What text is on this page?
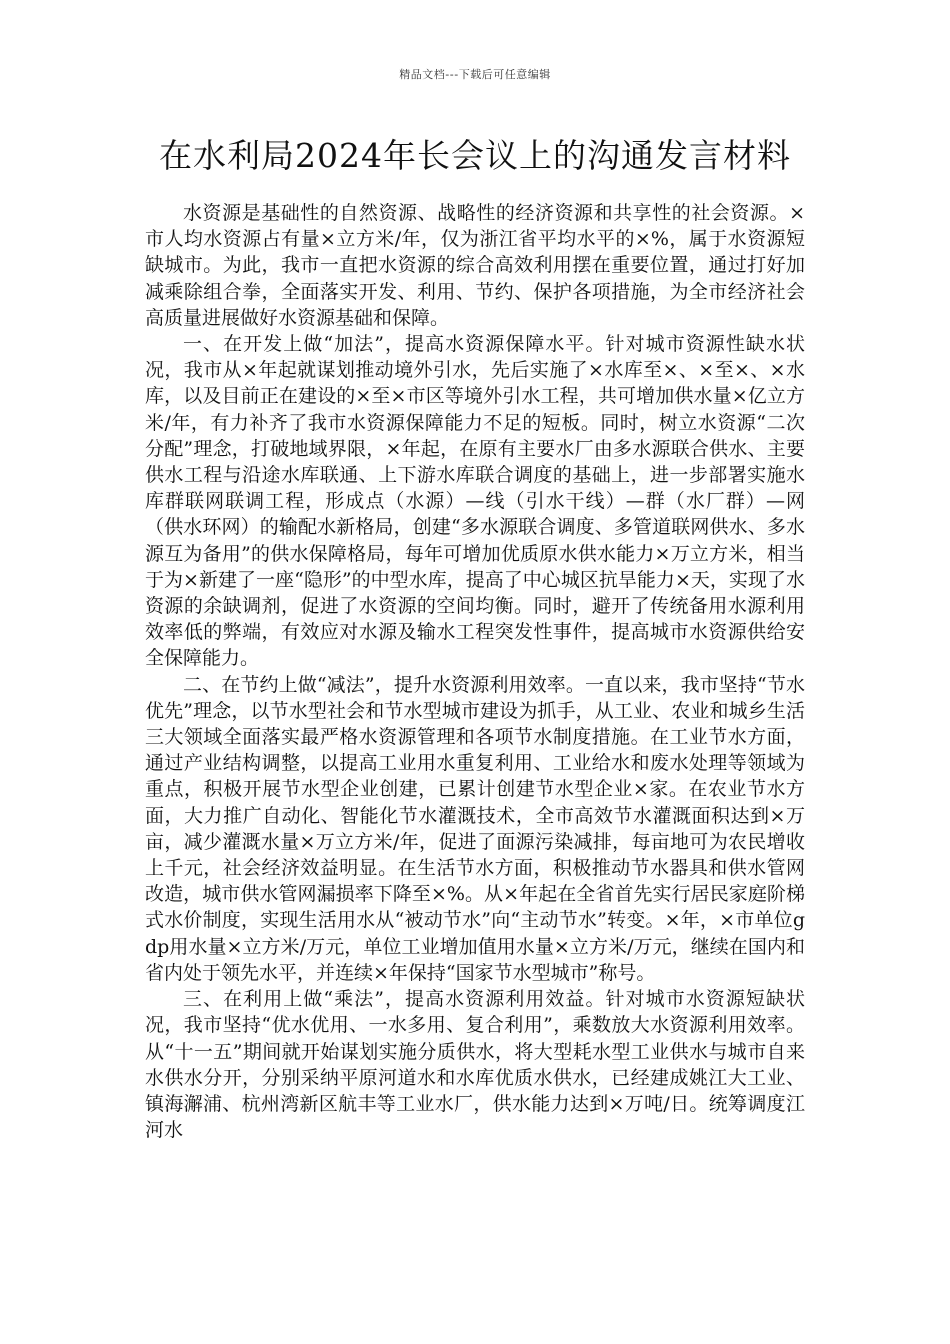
精品文档---下载后可任意编辑
在水利局2024年长会议上的沟通发言材料

水资源是基础性的自然资源、战略性的经济资源和共享性的社会资源。×市人均水资源占有量×立方米/年，仅为浙江省平均水平的×%，属于水资源短缺城市。为此，我市一直把水资源的综合高效利用摆在重要位置，通过打好加减乘除组合拳，全面落实开发、利用、节约、保护各项措施，为全市经济社会高质量进展做好水资源基础和保障。

一、在开发上做“加法”，提高水资源保障水平。针对城市资源性缺水状况，我市从×年起就谋划推动境外引水，先后实施了×水库至×、×至×、×水库，以及目前正在建设的×至×市区等境外引水工程，共可增加供水量×亿立方米/年，有力补齐了我市水资源保障能力不足的短板。同时，树立水资源“二次分配”理念，打破地域界限，×年起，在原有主要水厂由多水源联合供水、主要供水工程与沿途水库联通、上下游水库联合调度的基础上，进一步部署实施水库群联网联调工程，形成点（水源）—线（引水干线）—群（水厂群）—网（供水环网）的输配水新格局，创建“多水源联合调度、多管道联网供水、多水源互为备用”的供水保障格局，每年可增加优质原水供水能力×万立方米，相当于为×新建了一座“隐形”的中型水库，提高了中心城区抗旱能力×天，实现了水资源的余缺调剂，促进了水资源的空间均衡。同时，避开了传统备用水源利用效率低的弊端，有效应对水源及输水工程突发性事件，提高城市水资源供给安全保障能力。

二、在节约上做“减法”，提升水资源利用效率。一直以来，我市坚持“节水优先”理念，以节水型社会和节水型城市建设为抓手，从工业、农业和城乡生活三大领域全面落实最严格水资源管理和各项节水制度措施。在工业节水方面，通过产业结构调整，以提高工业用水重复利用、工业给水和废水处理等领域为重点，积极开展节水型企业创建，已累计创建节水型企业×家。在农业节水方面，大力推广自动化、智能化节水灌溉技术，全市高效节水灌溉面积达到×万亩，减少灌溉水量×万立方米/年，促进了面源污染减排，每亩地可为农民增收上千元，社会经济效益明显。在生活节水方面，积极推动节水器具和供水管网改造，城市供水管网漏损率下降至×%。从×年起在全省首先实行居民家庭阶梯式水价制度，实现生活用水从“被动节水”向“主动节水”转变。×年，×市单位gdp用水量×立方米/万元，单位工业增加值用水量×立方米/万元，继续在国内和省内处于领先水平，并连续×年保持“国家节水型城市”称号。

三、在利用上做“乘法”，提高水资源利用效益。针对城市水资源短缺状况，我市坚持“优水优用、一水多用、复合利用”，乘数放大水资源利用效率。从“十一五”期间就开始谋划实施分质供水，将大型耗水型工业供水与城市自来水供水分开，分别采纳平原河道水和水库优质水供水，已经建成姚江大工业、镇海澥浦、杭州湾新区航丰等工业水厂，供水能力达到×万吨/日。统筹调度江河水
